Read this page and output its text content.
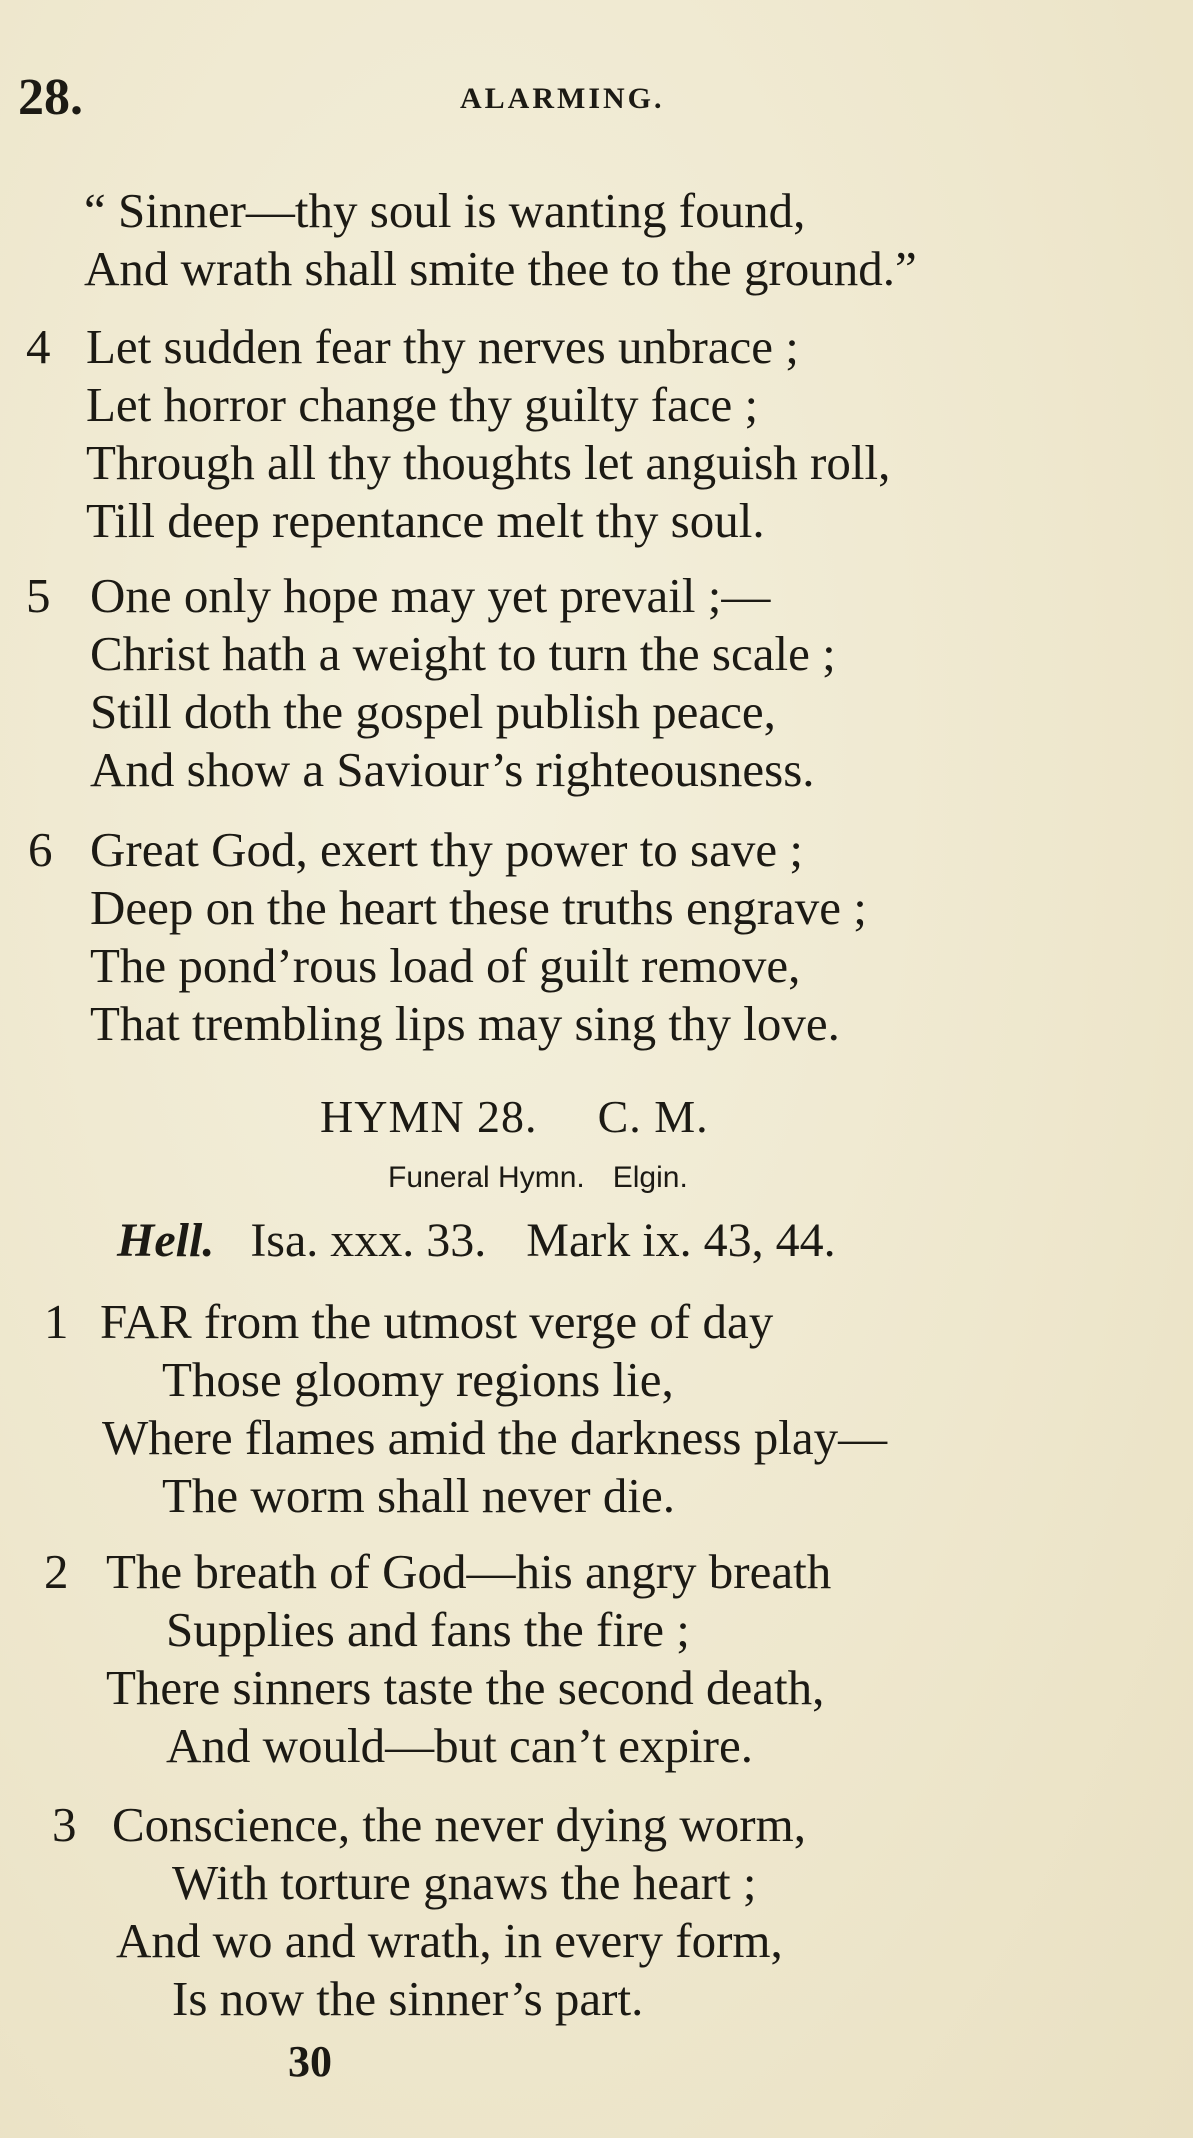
28.	ALARMING.
“ Sinner—thy soul is wanting found,
And wrath shall smite thee to the ground.”
4 Let sudden fear thy nerves unbrace ;
Let horror change thy guilty face ;
Through all thy thoughts let anguish roll,
Till deep repentance melt thy soul.
5 One only hope may yet prevail ;—
Christ hath a weight to turn the scale ;
Still doth the gospel publish peace,
And show a Saviour’s righteousness.
6 Great God, exert thy power to save ;
Deep on the heart these truths engrave ;
The pond’rous load of guilt remove,
That trembling lips may sing thy love.
HYMN 28. C. M.
Funeral Hymn. Elgin.
Hell. Isa. xxx. 33. Mark ix. 43, 44.
1 FAR from the utmost verge of day
Those gloomy regions lie,
Where flames amid the darkness play—
The worm shall never die.
2 The breath of God—his angry breath
Supplies and fans the fire ;
There sinners taste the second death,
And would—but can’t expire.
3 Conscience, the never dying worm,
With torture gnaws the heart ;
And wo and wrath, in every form,
Is now the sinner’s part.
30
